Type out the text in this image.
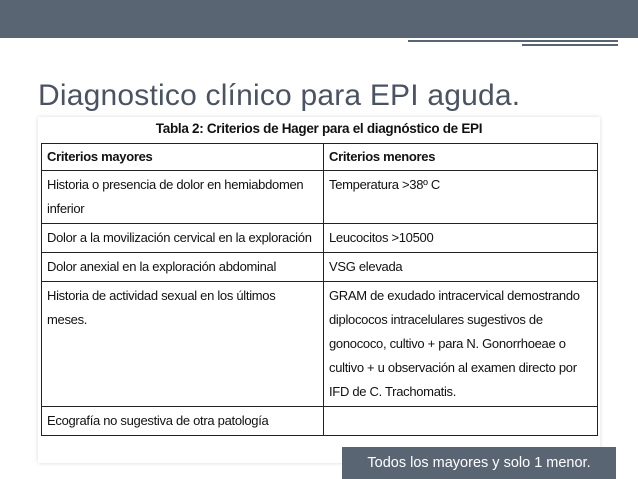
Diagnostico clínico para EPI aguda.
Tabla 2: Criterios de Hager para el diagnóstico de EPI
Criterios mayores	Criterios menores
Historia o presencia de dolor en hemiabdomen inferior	Temperatura >38º C
Dolor a la movilización cervical en la exploración	Leucocitos >10500
Dolor anexial en la exploración abdominal	VSG elevada
Historia de actividad sexual en los últimos meses.	GRAM de exudado intracervical demostrando diplococos intracelulares sugestivos de gonococo, cultivo + para N. Gonorrhoeae o cultivo + u observación al examen directo por IFD de C. Trachomatis.
Ecografía no sugestiva de otra patología	
Todos los mayores y solo 1 menor.
